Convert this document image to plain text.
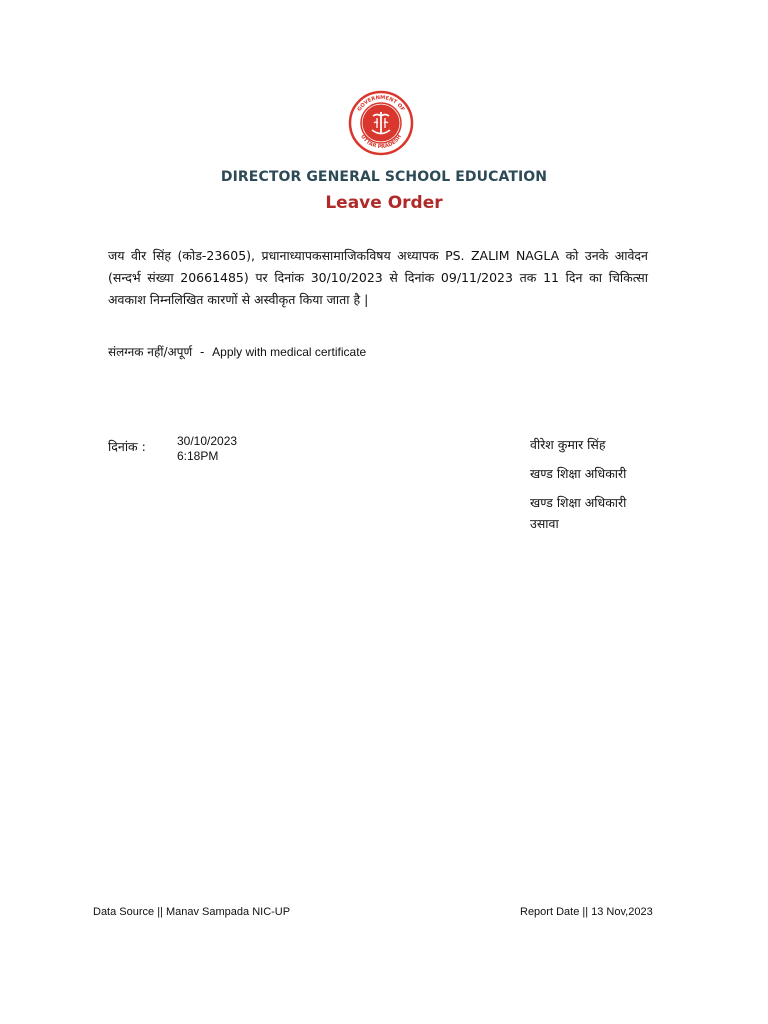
GOVERNMENT OF
UTTAR PRADESH
DIRECTOR GENERAL SCHOOL EDUCATION
Leave Order
जय वीर सिंह (कोड-23605), प्रधानाध्यापकसामाजिकविषय अध्यापक PS. ZALIM NAGLA को उनके आवेदन (सन्दर्भ संख्या 20661485) पर दिनांक 30/10/2023 से दिनांक 09/11/2023 तक 11 दिन का चिकित्सा अवकाश निम्नलिखित कारणों से अस्वीकृत किया जाता है |
संलग्नक नहीं/अपूर्ण - Apply with medical certificate
दिनांक :	30/10/2023
6:18PM
वीरेश कुमार सिंह
खण्ड शिक्षा अधिकारी
खण्ड शिक्षा अधिकारी
उसावा
Data Source || Manav Sampada NIC-UP	Report Date || 13 Nov,2023
